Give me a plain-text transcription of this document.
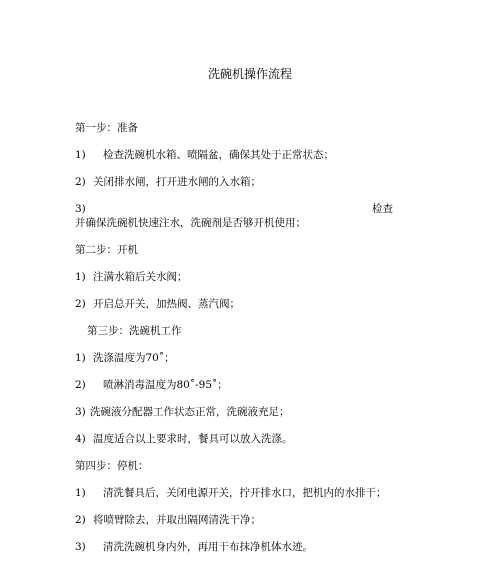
洗碗机操作流程
第一步：准备
1) 检查洗碗机水箱、喷隔盆，确保其处于正常状态；
2) 关闭排水闸，打开进水闸的入水箱；
3)	检查
并确保洗碗机快速注水，洗碗剂是否够开机使用；
第二步：开机
1) 注满水箱后关水阀；
2) 开启总开关，加热阀、蒸汽阀；
第三步：洗碗机工作
1) 洗涤温度为70˚；
2) 喷淋消毒温度为80˚-95˚；
3) 洗碗液分配器工作状态正常，洗碗液充足；
4) 温度适合以上要求时，餐具可以放入洗涤。
第四步：停机：
1) 清洗餐具后，关闭电源开关，拧开排水口，把机内的水排干；
2) 将喷臂除去，并取出隔网清洗干净；
3) 清洗洗碗机身内外，再用干布抹净机体水迹。
